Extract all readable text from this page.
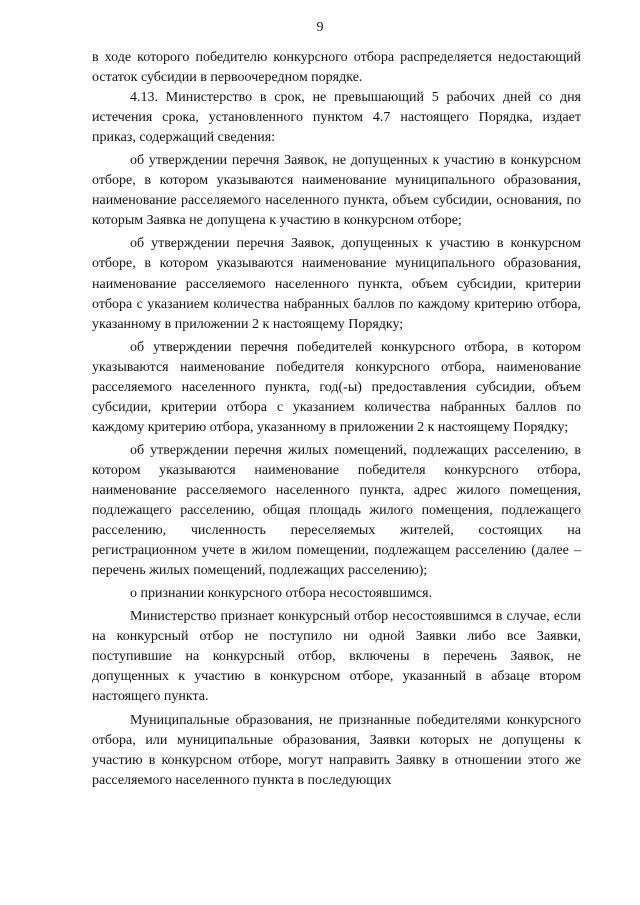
9

в ходе которого победителю конкурсного отбора распределяется недостающий остаток субсидии в первоочередном порядке.

4.13. Министерство в срок, не превышающий 5 рабочих дней со дня истечения срока, установленного пунктом 4.7 настоящего Порядка, издает приказ, содержащий сведения:

об утверждении перечня Заявок, не допущенных к участию в конкурсном отборе, в котором указываются наименование муниципального образования, наименование расселяемого населенного пункта, объем субсидии, основания, по которым Заявка не допущена к участию в конкурсном отборе;

об утверждении перечня Заявок, допущенных к участию в конкурсном отборе, в котором указываются наименование муниципального образования, наименование расселяемого населенного пункта, объем субсидии, критерии отбора с указанием количества набранных баллов по каждому критерию отбора, указанному в приложении 2 к настоящему Порядку;

об утверждении перечня победителей конкурсного отбора, в котором указываются наименование победителя конкурсного отбора, наименование расселяемого населенного пункта, год(-ы) предоставления субсидии, объем субсидии, критерии отбора с указанием количества набранных баллов по каждому критерию отбора, указанному в приложении 2 к настоящему Порядку;

об утверждении перечня жилых помещений, подлежащих расселению, в котором указываются наименование победителя конкурсного отбора, наименование расселяемого населенного пункта, адрес жилого помещения, подлежащего расселению, общая площадь жилого помещения, подлежащего расселению, численность переселяемых жителей, состоящих на регистрационном учете в жилом помещении, подлежащем расселению (далее – перечень жилых помещений, подлежащих расселению);

о признании конкурсного отбора несостоявшимся.

Министерство признает конкурсный отбор несостоявшимся в случае, если на конкурсный отбор не поступило ни одной Заявки либо все Заявки, поступившие на конкурсный отбор, включены в перечень Заявок, не допущенных к участию в конкурсном отборе, указанный в абзаце втором настоящего пункта.

Муниципальные образования, не признанные победителями конкурсного отбора, или муниципальные образования, Заявки которых не допущены к участию в конкурсном отборе, могут направить Заявку в отношении этого же расселяемого населенного пункта в последующих
